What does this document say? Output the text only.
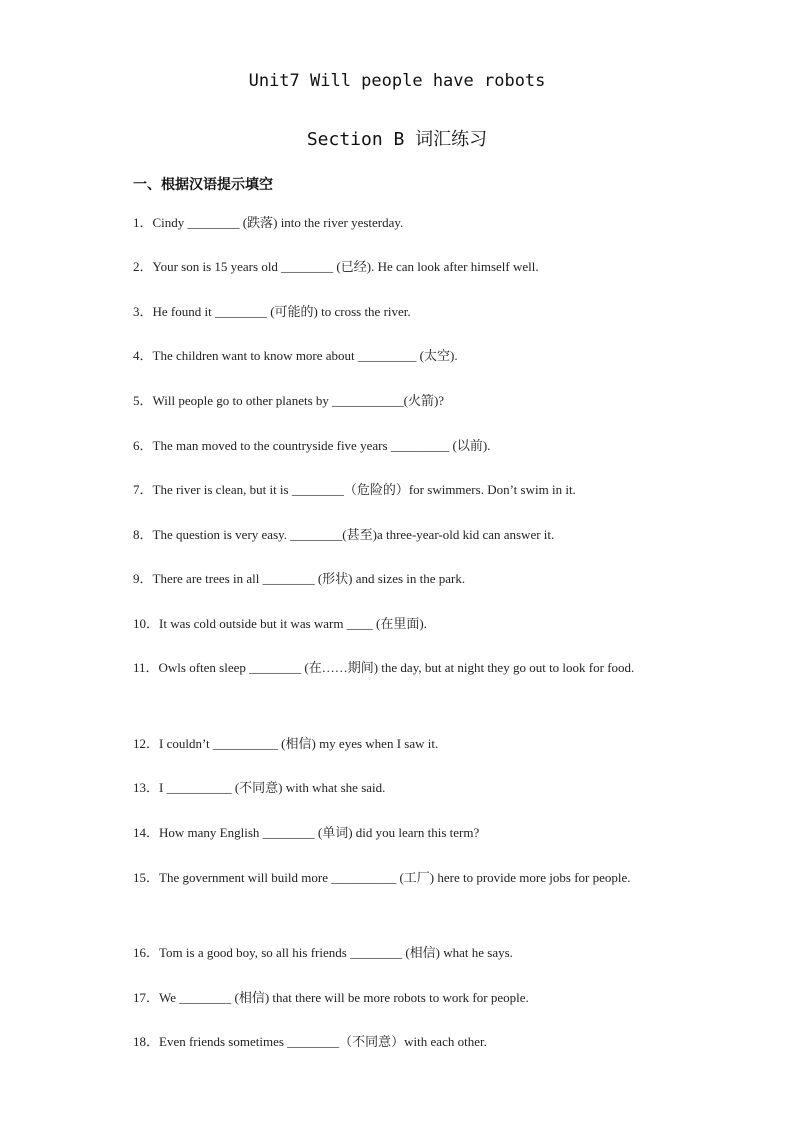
Unit7 Will people have robots
Section B 词汇练习
一、根据汉语提示填空
1．Cindy ________ (跌落) into the river yesterday.
2．Your son is 15 years old ________ (已经). He can look after himself well.
3．He found it ________ (可能的) to cross the river.
4．The children want to know more about _________ (太空).
5．Will people go to other planets by ___________(火箭)?
6．The man moved to the countryside five years _________ (以前).
7．The river is clean, but it is ________（危险的）for swimmers. Don’t swim in it.
8．The question is very easy. ________(甚至)a three-year-old kid can answer it.
9．There are trees in all ________ (形状) and sizes in the park.
10．It was cold outside but it was warm ____ (在里面).
11．Owls often sleep ________ (在……期间) the day, but at night they go out to look for food.
12．I couldn’t __________ (相信) my eyes when I saw it.
13．I __________ (不同意) with what she said.
14．How many English ________ (单词) did you learn this term?
15．The government will build more __________ (工厂) here to provide more jobs for people.
16．Tom is a good boy, so all his friends ________ (相信) what he says.
17．We ________ (相信) that there will be more robots to work for people.
18．Even friends sometimes ________（不同意）with each other.
